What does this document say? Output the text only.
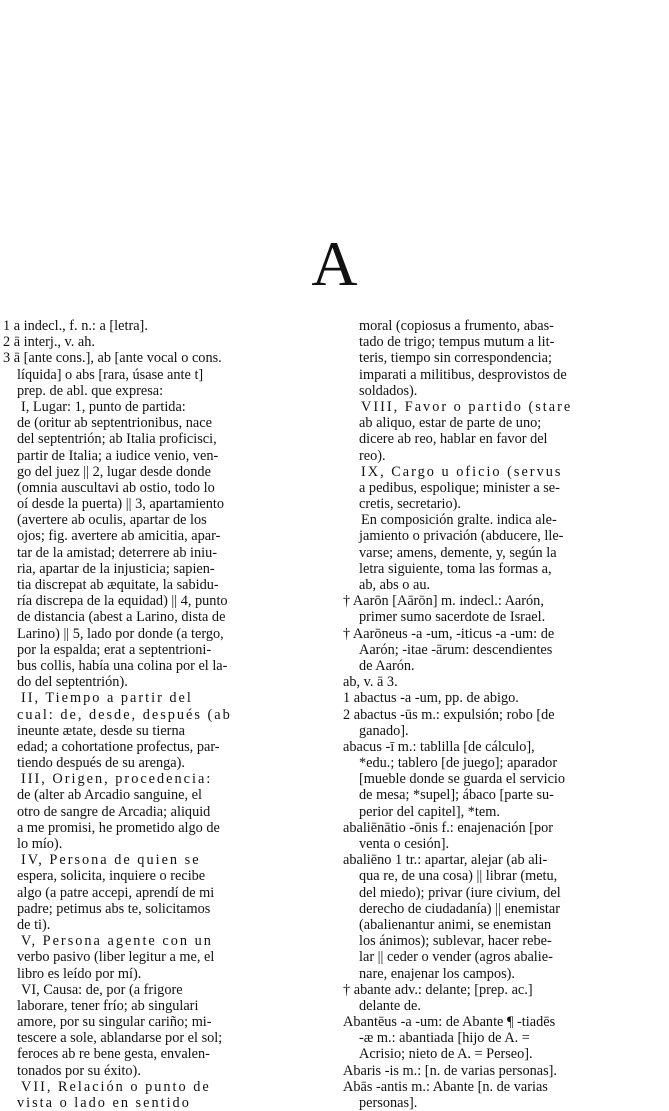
A
1 a indecl., f. n.: a [letra].
2 ā interj., v. ah.
3 ā [ante cons.], ab [ante vocal o cons.
líquida] o abs [rara, úsase ante t]
prep. de abl. que expresa:
I, Lugar: 1, punto de partida:
de (oritur ab septentrionibus, nace
del septentrión; ab Italia proficisci,
partir de Italia; a iudice venio, ven-
go del juez || 2, lugar desde donde
(omnia auscultavi ab ostio, todo lo
oí desde la puerta) || 3, apartamiento
(avertere ab oculis, apartar de los
ojos; fig. avertere ab amicitia, apar-
tar de la amistad; deterrere ab iniu-
ria, apartar de la injusticia; sapien-
tia discrepat ab æquitate, la sabidu-
ría discrepa de la equidad) || 4, punto
de distancia (abest a Larino, dista de
Larino) || 5, lado por donde (a tergo,
por la espalda; erat a septentrioni-
bus collis, había una colina por el la-
do del septentrión).
II, Tiempo a partir del
cual: de, desde, después (ab
ineunte ætate, desde su tierna
edad; a cohortatione profectus, par-
tiendo después de su arenga).
III, Origen, procedencia:
de (alter ab Arcadio sanguine, el
otro de sangre de Arcadia; aliquid
a me promisi, he prometido algo de
lo mío).
IV, Persona de quien se
espera, solicita, inquiere o recibe
algo (a patre accepi, aprendí de mi
padre; petimus abs te, solicitamos
de ti).
V, Persona agente con un
verbo pasivo (liber legitur a me, el
libro es leído por mí).
VI, Causa: de, por (a frigore
laborare, tener frío; ab singulari
amore, por su singular cariño; mi-
tescere a sole, ablandarse por el sol;
feroces ab re bene gesta, envalen-
tonados por su éxito).
VII, Relación o punto de
vista o lado en sentido
moral (copiosus a frumento, abas-
tado de trigo; tempus mutum a lit-
teris, tiempo sin correspondencia;
imparati a militibus, desprovistos de
soldados).
VIII, Favor o partido (stare
ab aliquo, estar de parte de uno;
dicere ab reo, hablar en favor del
reo).
IX, Cargo u oficio (servus
a pedibus, espolique; minister a se-
cretis, secretario).
En composición gralte. indica ale-
jamiento o privación (abducere, lle-
varse; amens, demente, y, según la
letra siguiente, toma las formas a,
ab, abs o au.
† Aarōn [Aārōn] m. indecl.: Aarón,
primer sumo sacerdote de Israel.
† Aarōneus -a -um, -iticus -a -um: de
Aarón; -itae -ārum: descendientes
de Aarón.
ab, v. ā 3.
1 abactus -a -um, pp. de abigo.
2 abactus -ūs m.: expulsión; robo [de
ganado].
abacus -ī m.: tablilla [de cálculo],
*edu.; tablero [de juego]; aparador
[mueble donde se guarda el servicio
de mesa; *supel]; ábaco [parte su-
perior del capitel], *tem.
abaliēnātio -ōnis f.: enajenación [por
venta o cesión].
abaliēno 1 tr.: apartar, alejar (ab ali-
qua re, de una cosa) || librar (metu,
del miedo); privar (iure civium, del
derecho de ciudadanía) || enemistar
(abalienantur animi, se enemistan
los ánimos); sublevar, hacer rebe-
lar || ceder o vender (agros abalie-
nare, enajenar los campos).
† abante adv.: delante; [prep. ac.]
delante de.
Abantēus -a -um: de Abante ¶ -tiadēs
-æ m.: abantiada [hijo de A. =
Acrisio; nieto de A. = Perseo].
Abaris -is m.: [n. de varias personas].
Abās -antis m.: Abante [n. de varias
personas].
